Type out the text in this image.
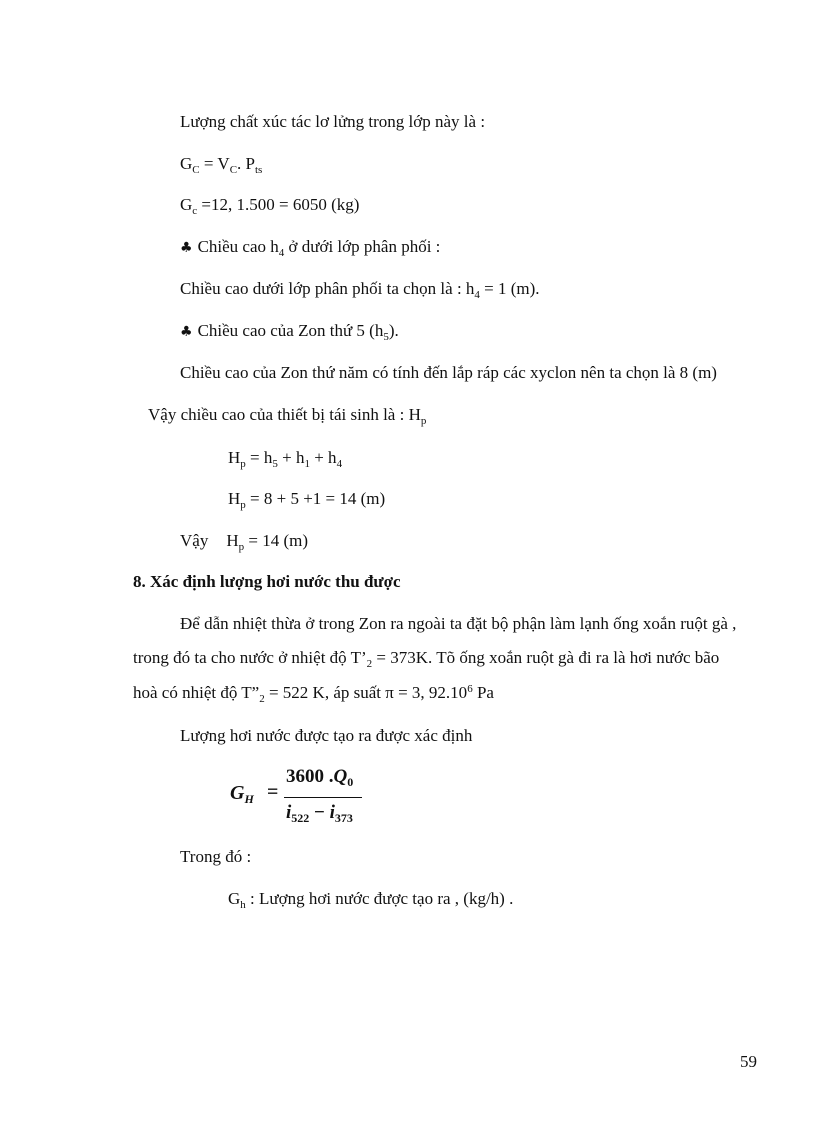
Lượng chất xúc tác lơ lửng trong lớp này là :
$G_C = V_C$. $P_{ts}$
$G_c =12$, 1.500 = 6050 (kg)
♣ Chiều cao $h_4$ ở dưới lớp phân phối :
Chiều cao dưới lớp phân phối ta chọn là : $h_4 = 1$ (m).
♣ Chiều cao của Zon thứ 5 $(h_5)$.
Chiều cao của Zon thứ năm có tính đến lắp ráp các xyclon nên ta chọn là 8 (m)
Vậy chiều cao của thiết bị tái sinh là : $H_p$
$H_p = h_5 + h_1 + h_4$
$H_p = 8 + 5 +1 = 14$ (m)
Vậy $H_p = 14$ (m)
8. Xác định lượng hơi nước thu được
Để dẫn nhiệt thừa ở trong Zon ra ngoài ta đặt bộ phận làm lạnh ống xoắn ruột gà ,
trong đó ta cho nước ở nhiệt độ $T’_2 = 373K$. Tõ ống xoắn ruột gà đi ra là hơi nước bão
hoà có nhiệt độ $T”_2 = 522$ K, áp suất π = 3, 92.10$^6$ Pa
Lượng hơi nước được tạo ra được xác định
$G_H$ =
3600 $.Q_0$
$i_{522} - i_{373}$
Trong đó :
$G_h$ : Lượng hơi nước được tạo ra , (kg/h) .
59
